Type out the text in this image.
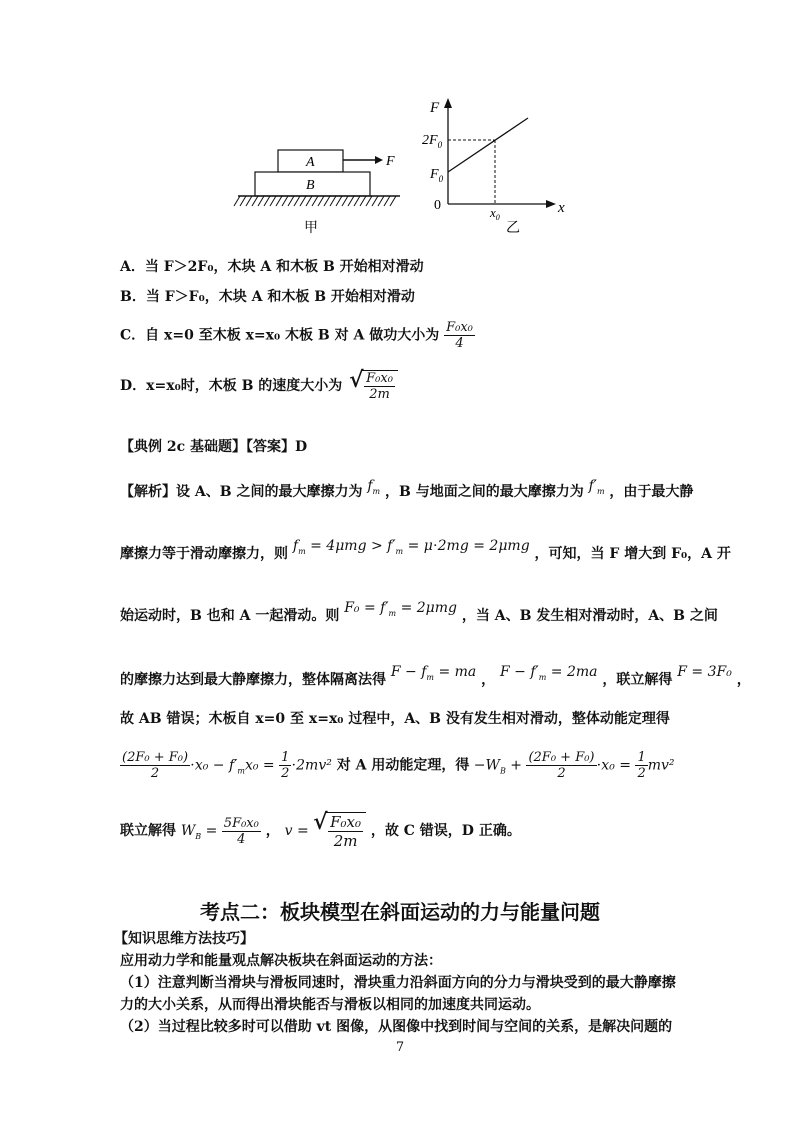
A
B
F
甲
F
$2F_0$
$F_0$
0	$x_0$
x
乙
A．当 F＞2F₀，木块 A 和木板 B 开始相对滑动
B．当 F＞F₀，木块 A 和木板 B 开始相对滑动
C．自 x=0 至木板 x=x₀ 木板 B 对 A 做功大小为 $\frac{\text{F₀x₀}}{4}$
D．x=x₀时，木板 B 的速度大小为 √ $\frac{\text{F₀x₀}}{2m}$
【典例 2c 基础题】【答案】D
【解析】设 A、B 之间的最大摩擦力为 $f_m$ ，B 与地面之间的最大摩擦力为 $f'_m$ ，由于最大静
摩擦力等于滑动摩擦力，则 $f_m = 4\mu mg > f'_m = \mu\cdot 2mg = 2\mu mg$ ，可知，当 F 增大到 F₀，A 开
始运动时，B 也和 A 一起滑动。则 $F_0 = f'_m = 2\mu mg$ ，当 A、B 发生相对滑动时，A、B 之间
的摩擦力达到最大静摩擦力，整体隔离法得 $F - f_m$ = ma ， $F - f'_m = 2ma$ ，联立解得 F = 3F₀ ，
故 AB 错误；木板自 x=0 至 x=x₀ 过程中，A、B 没有发生相对滑动，整体动能定理得
$\frac{\text{(2F₀ + F₀)}}{2} \cdot x_0 - f'_mx_0 = \frac{1}{2} \cdot 2mv^2$ 对 A 用动能定理，得 $-W_B + \frac{\text{(2F₀ + F₀)}}{2} \cdot x_0 = \frac{1}{2} mv^2$
联立解得 $W_B = \frac{\text{5F₀x₀}}{4}$ ， v = √ $\frac{\text{F₀x₀}}{2m}$ ，故 C 错误，D 正确。
考点二：板块模型在斜面运动的力与能量问题
【知识思维方法技巧】
应用动力学和能量观点解决板块在斜面运动的方法：
（1）注意判断当滑块与滑板同速时，滑块重力沿斜面方向的分力与滑块受到的最大静摩擦
力的大小关系，从而得出滑块能否与滑板以相同的加速度共同运动。
（2）当过程比较多时可以借助 vt 图像，从图像中找到时间与空间的关系，是解决问题的
7
